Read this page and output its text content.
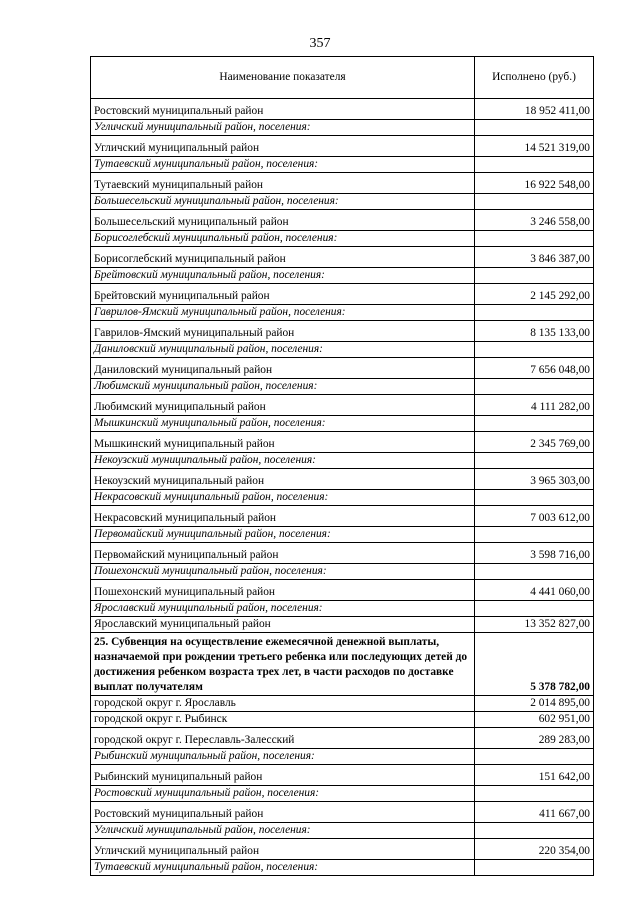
357
Наименование показателя	Исполнено (руб.)
Ростовский муниципальный район	18 952 411,00
Угличский муниципальный район, поселения:	
Угличский муниципальный район	14 521 319,00
Тутаевский муниципальный район, поселения:	
Тутаевский муниципальный район	16 922 548,00
Большесельский муниципальный район, поселения:	
Большесельский муниципальный район	3 246 558,00
Борисоглебский муниципальный район, поселения:	
Борисоглебский муниципальный район	3 846 387,00
Брейтовский муниципальный район, поселения:	
Брейтовский муниципальный район	2 145 292,00
Гаврилов-Ямский муниципальный район, поселения:	
Гаврилов-Ямский муниципальный район	8 135 133,00
Даниловский муниципальный район, поселения:	
Даниловский муниципальный район	7 656 048,00
Любимский муниципальный район, поселения:	
Любимский муниципальный район	4 111 282,00
Мышкинский муниципальный район, поселения:	
Мышкинский муниципальный район	2 345 769,00
Некоузский муниципальный район, поселения:	
Некоузский муниципальный район	3 965 303,00
Некрасовский муниципальный район, поселения:	
Некрасовский муниципальный район	7 003 612,00
Первомайский муниципальный район, поселения:	
Первомайский муниципальный район	3 598 716,00
Пошехонский муниципальный район, поселения:	
Пошехонский муниципальный район	4 441 060,00
Ярославский муниципальный район, поселения:	
Ярославский муниципальный район	13 352 827,00
25. Субвенция на осуществление ежемесячной денежной выплаты, назначаемой при рождении третьего ребенка или последующих детей до достижения ребенком возраста трех лет, в части расходов по доставке выплат получателям	5 378 782,00
городской округ г. Ярославль	2 014 895,00
городской округ г. Рыбинск	602 951,00
городской округ г. Переславль-Залесский	289 283,00
Рыбинский муниципальный район, поселения:	
Рыбинский муниципальный район	151 642,00
Ростовский муниципальный район, поселения:	
Ростовский муниципальный район	411 667,00
Угличский муниципальный район, поселения:	
Угличский муниципальный район	220 354,00
Тутаевский муниципальный район, поселения:	
